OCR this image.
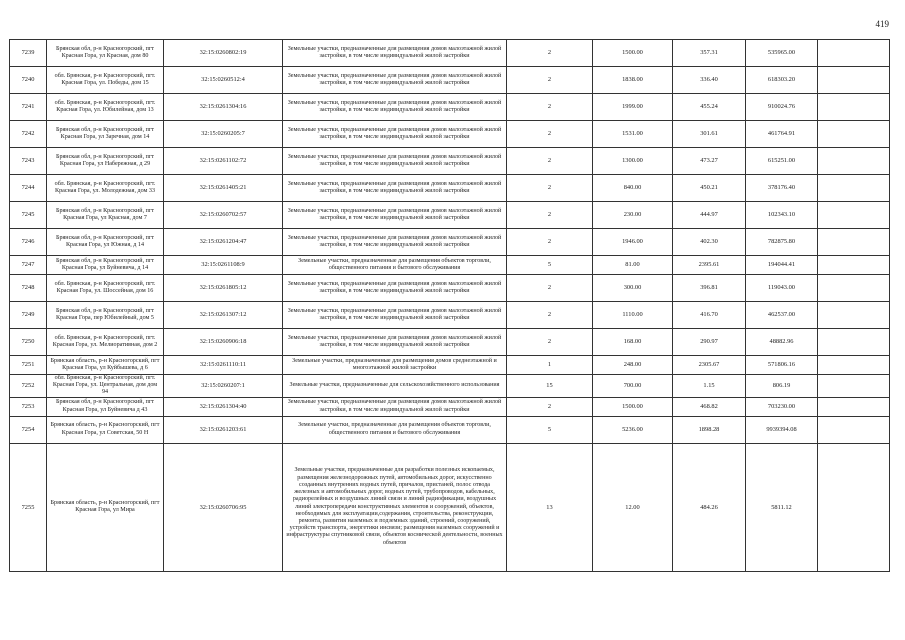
419
7239	Брянская обл, р-н Красногорский, пгт Красная Гора, ул Красная, дом 80	32:15:0260802:19	Земельные участки, предназначенные для размещения домов малоэтажной жилой застройки, в том числе индивидуальной жилой застройки	2	1500.00	357.31	535965.00	
7240	обл. Брянская, р-н Красногорский, пгт. Красная Гора, ул. Победы, дом 15	32:15:0260512:4	Земельные участки, предназначенные для размещения домов малоэтажной жилой застройки, в том числе индивидуальной жилой застройки	2	1838.00	336.40	618303.20	
7241	обл. Брянская, р-н Красногорский, пгт. Красная Гора, ул. Юбилейная, дом 13	32:15:0261304:16	Земельные участки, предназначенные для размещения домов малоэтажной жилой застройки, в том числе индивидуальной жилой застройки	2	1999.00	455.24	910024.76	
7242	Брянская обл, р-н Красногорский, пгт Красная Гора, ул Заречная, дом 14	32:15:0260205:7	Земельные участки, предназначенные для размещения домов малоэтажной жилой застройки, в том числе индивидуальной жилой застройки	2	1531.00	301.61	461764.91	
7243	Брянская обл, р-н Красногорский, пгт Красная Гора, ул Набережная, д 29	32:15:0261102:72	Земельные участки, предназначенные для размещения домов малоэтажной жилой застройки, в том числе индивидуальной жилой застройки	2	1300.00	473.27	615251.00	
7244	обл. Брянская, р-н Красногорский, пгт. Красная Гора, ул. Молодежная, дом 33	32:15:0261405:21	Земельные участки, предназначенные для размещения домов малоэтажной жилой застройки, в том числе индивидуальной жилой застройки	2	840.00	450.21	378176.40	
7245	Брянская обл, р-н Красногорский, пгт Красная Гора, ул Красная, дом 7	32:15:0260702:57	Земельные участки, предназначенные для размещения домов малоэтажной жилой застройки, в том числе индивидуальной жилой застройки	2	230.00	444.97	102343.10	
7246	Брянская обл, р-н Красногорский, пгт Красная Гора, ул Южная, д 14	32:15:0261204:47	Земельные участки, предназначенные для размещения домов малоэтажной жилой застройки, в том числе индивидуальной жилой застройки	2	1946.00	402.30	782875.80	
7247	Брянская обл, р-н Красногорский, пгт Красная Гора, ул Буйневича, д 14	32:15:0261108:9	Земельные участки, предназначенные для размещения объектов торговли, общественного питания и бытового обслуживания	5	81.00	2395.61	194044.41	
7248	обл. Брянская, р-н Красногорский, пгт. Красная Гора, ул. Шоссейная, дом 16	32:15:0261805:12	Земельные участки, предназначенные для размещения домов малоэтажной жилой застройки, в том числе индивидуальной жилой застройки	2	300.00	396.81	119043.00	
7249	Брянская обл, р-н Красногорский, пгт Красная Гора, пер Юбилейный, дом 5	32:15:0261307:12	Земельные участки, предназначенные для размещения домов малоэтажной жилой застройки, в том числе индивидуальной жилой застройки	2	1110.00	416.70	462537.00	
7250	обл. Брянская, р-н Красногорский, пгт. Красная Гора, ул. Мелиоративная, дом 2	32:15:0260906:18	Земельные участки, предназначенные для размещения домов малоэтажной жилой застройки, в том числе индивидуальной жилой застройки	2	168.00	290.97	48882.96	
7251	Брянская область, р-н Красногорский, пгт Красная Гора, ул Куйбышева, д 6	32:15:0261110:11	Земельные участки, предназначенные для размещения домов среднеэтажной и многоэтажной жилой застройки	1	248.00	2305.67	571806.16	
7252	обл. Брянская, р-н Красногорский, пгт. Красная Гора, ул. Центральная, дом дом 94	32:15:0260207:1	Земельные участки, предназначенные для сельскохозяйственного использования	15	700.00	1.15	806.19	
7253	Брянская обл, р-н Красногорский, пгт Красная Гора, ул Буйневича д 43	32:15:0261304:40	Земельные участки, предназначенные для размещения домов малоэтажной жилой застройки, в том числе индивидуальной жилой застройки	2	1500.00	468.82	703230.00	
7254	Брянская область, р-н Красногорский, пгт Красная Гора, ул Советская, 50 Н	32:15:0261203:61	Земельные участки, предназначенные для размещения объектов торговли, общественного питания и бытового обслуживания	5	5236.00	1898.28	9939394.08	
7255	Брянская область, р-н Красногорский, пгт Красная Гора, ул Мира	32:15:0260706:95	Земельные участки, предназначенные для разработки полезных ископаемых, размещения железнодорожных путей, автомобильных дорог, искусственно созданных внутренних водных путей, причалов, пристаней, полос отвода железных и автомобильных дорог, водных путей, трубопроводов, кабельных, радиорелейных и воздушных линий связи и линий радиофикации, воздушных линий электропередачи конструктивных элементов и сооружений, объектов, необходимых для эксплуатации,содержания, строительства, реконструкции, ремонта, развития наземных и подземных зданий, строений, сооружений, устройств транспорта, энергетики инсвязи; размещения наземных сооружений и инфраструктуры спутниковой связи, объектов космической деятельности, военных объектов	13	12.00	484.26	5811.12	
